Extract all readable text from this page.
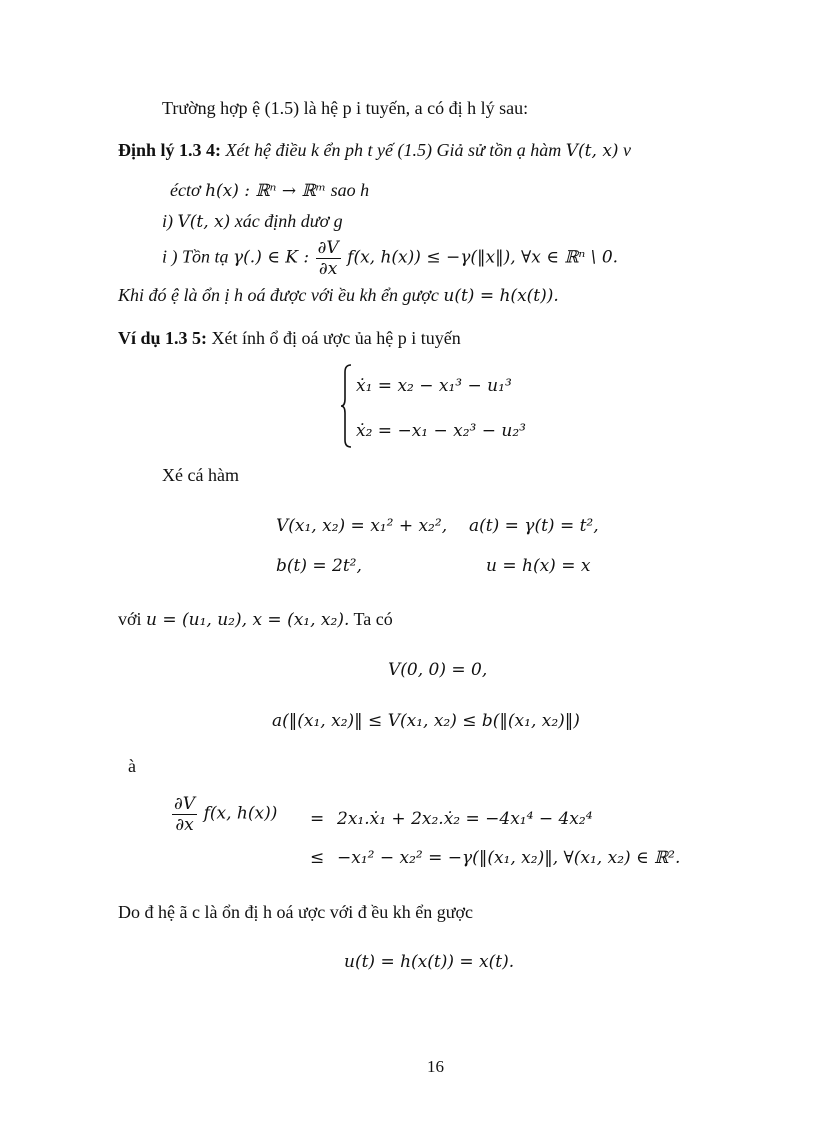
Trường hợp ệ (1.5) là hệ p i tuyến, a có đị h lý sau:
Định lý 1.3 4: Xét hệ điều k ển ph t yế (1.5) Giả sử tồn ạ hàm V(t, x) v
éctơ h(x) : ℝⁿ → ℝᵐ sao h
i) V(t, x) xác định dươ g
i ) Tồn tạ γ(.) ∈ K : $\frac{\partial V}{\partial x} f(x$, h(x)) ≤ −γ(‖x‖), ∀x ∈ ℝⁿ \ 0.
Khi đó ệ là ổn ị h oá được với ều kh ển gược u(t) = h(x(t)).
Ví dụ 1.3 5: Xét ính ổ đị oá ược ủa hệ p i tuyến
ẋ₁ = x₂ − x₁³ − u₁³
ẋ₂ = −x₁ − x₂³ − u₂³
Xé cá hàm
V(x₁, x₂) = x₁² + x₂², a(t) = γ(t) = t²,
b(t) = 2t²,	u = h(x) = x
với u = (u₁, u₂), x = (x₁, x₂). Ta có
V(0, 0) = 0,
a(‖(x₁, x₂)‖ ≤ V(x₁, x₂) ≤ b(‖(x₁, x₂)‖)
à
$\frac{\partial V}{\partial x} f(x$, h(x)) = 2x₁.ẋ₁ + 2x₂.ẋ₂ = −4x₁⁴ − 4x₂⁴
≤ −x₁² − x₂² = −γ(‖(x₁, x₂)‖, ∀(x₁, x₂) ∈ ℝ².
Do đ hệ ã c là ổn đị h oá ược với đ ều kh ển gược
u(t) = h(x(t)) = x(t).
16
